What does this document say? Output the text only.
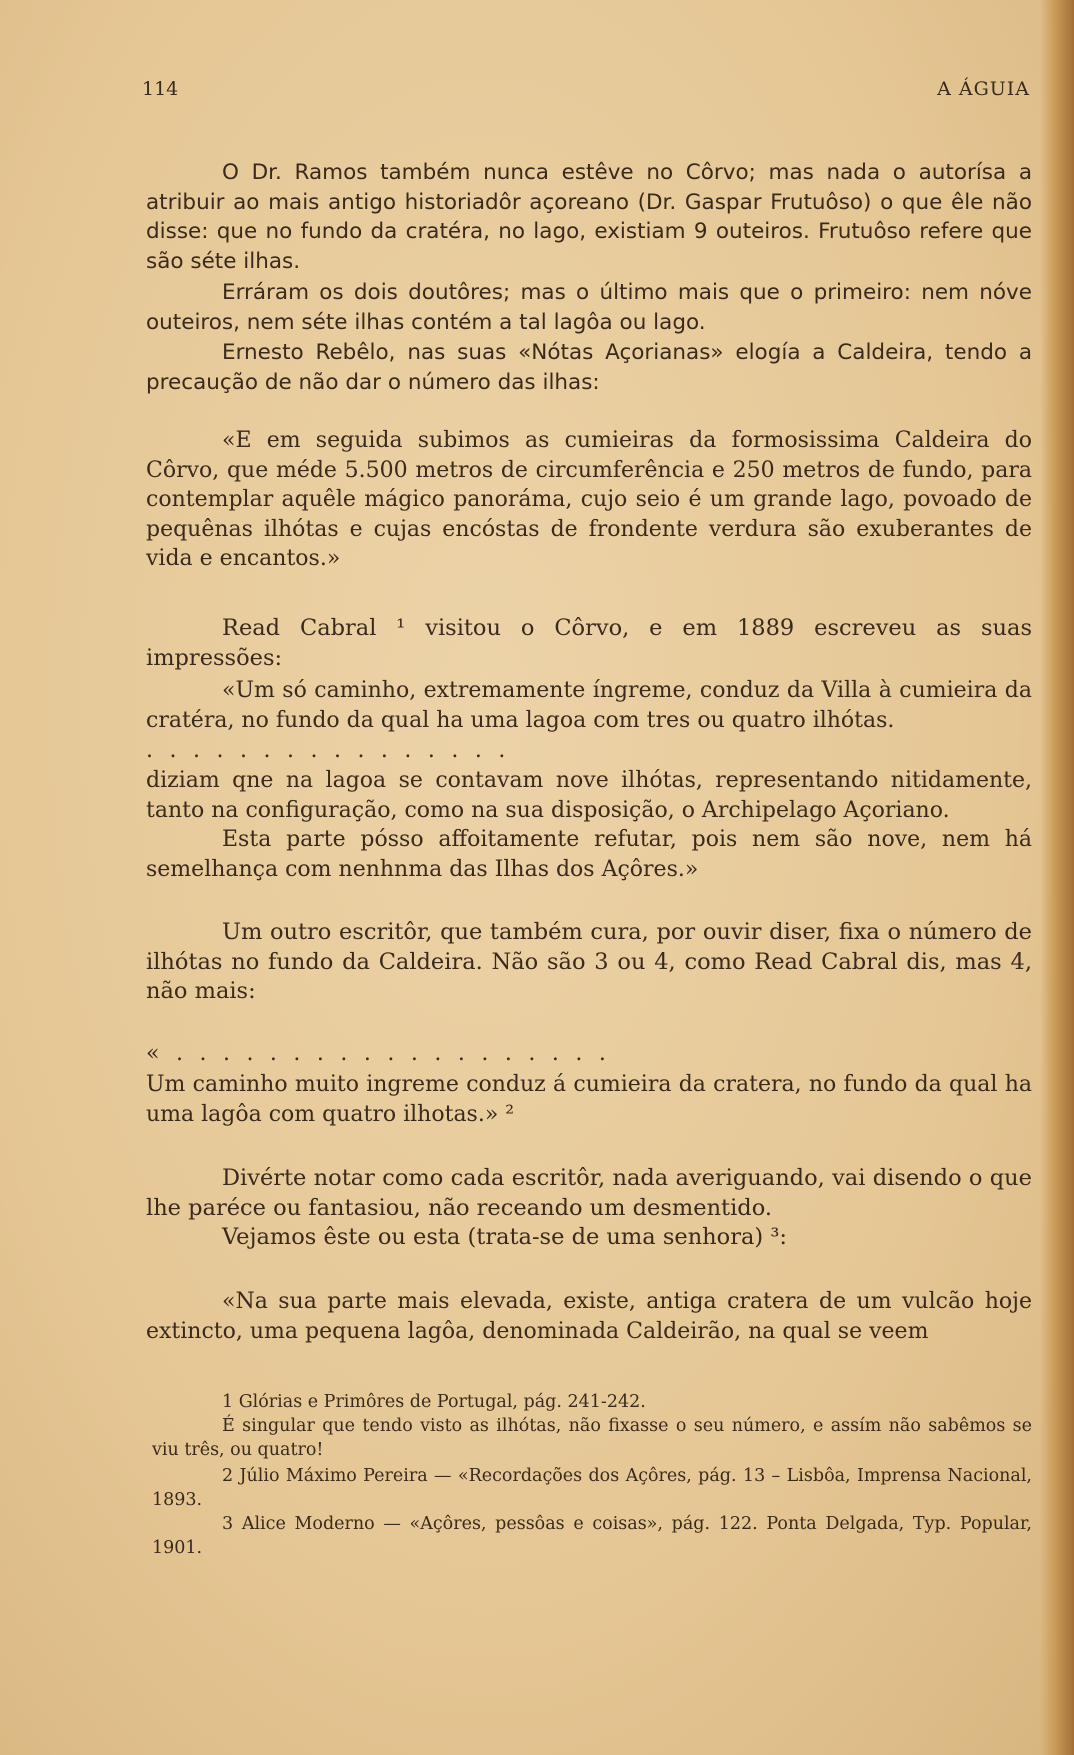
114	A ÁGUIA
O Dr. Ramos também nunca estêve no Côrvo; mas nada o autorísa a atribuir ao mais antigo historiadôr açoreano (Dr. Gaspar Frutuôso) o que êle não disse: que no fundo da cratéra, no lago, existiam 9 outeiros. Frutuôso refere que são séte ilhas.
Erráram os dois doutôres; mas o último mais que o primeiro: nem nóve outeiros, nem séte ilhas contém a tal lagôa ou lago.
Ernesto Rebêlo, nas suas «Nótas Açorianas» elogía a Caldeira, tendo a precaução de não dar o número das ilhas:
«E em seguida subimos as cumieiras da formosissima Caldeira do Côrvo, que méde 5.500 metros de circumferência e 250 metros de fundo, para contemplar aquêle mágico panoráma, cujo seio é um grande lago, povoado de pequênas ilhótas e cujas encóstas de frondente verdura são exuberantes de vida e encantos.»
Read Cabral ¹ visitou o Côrvo, e em 1889 escreveu as suas impressões:
«Um só caminho, extremamente íngreme, conduz da Villa à cumieira da cratéra, no fundo da qual ha uma lagoa com tres ou quatro ilhótas.
................
diziam qne na lagoa se contavam nove ilhótas, representando nitidamente, tanto na configuração, como na sua disposição, o Archipelago Açoriano.
Esta parte pósso affoitamente refutar, pois nem são nove, nem há semelhança com nenhnma das Ilhas dos Açôres.»
Um outro escritôr, que também cura, por ouvir diser, fixa o número de ilhótas no fundo da Caldeira. Não são 3 ou 4, como Read Cabral dis, mas 4, não mais:
«...................
Um caminho muito ingreme conduz á cumieira da cratera, no fundo da qual ha uma lagôa com quatro ilhotas.» ²
Divérte notar como cada escritôr, nada averiguando, vai disendo o que lhe paréce ou fantasiou, não receando um desmentido.
Vejamos êste ou esta (trata-se de uma senhora) ³:
«Na sua parte mais elevada, existe, antiga cratera de um vulcão hoje extincto, uma pequena lagôa, denominada Caldeirão, na qual se veem
1 Glórias e Primôres de Portugal, pág. 241-242.
É singular que tendo visto as ilhótas, não fixasse o seu número, e assím não sabêmos se viu três, ou quatro!
2 Júlio Máximo Pereira — «Recordações dos Açôres, pág. 13 – Lisbôa, Imprensa Nacional, 1893.
3 Alice Moderno — «Açôres, pessôas e coisas», pág. 122. Ponta Delgada, Typ. Popular, 1901.
